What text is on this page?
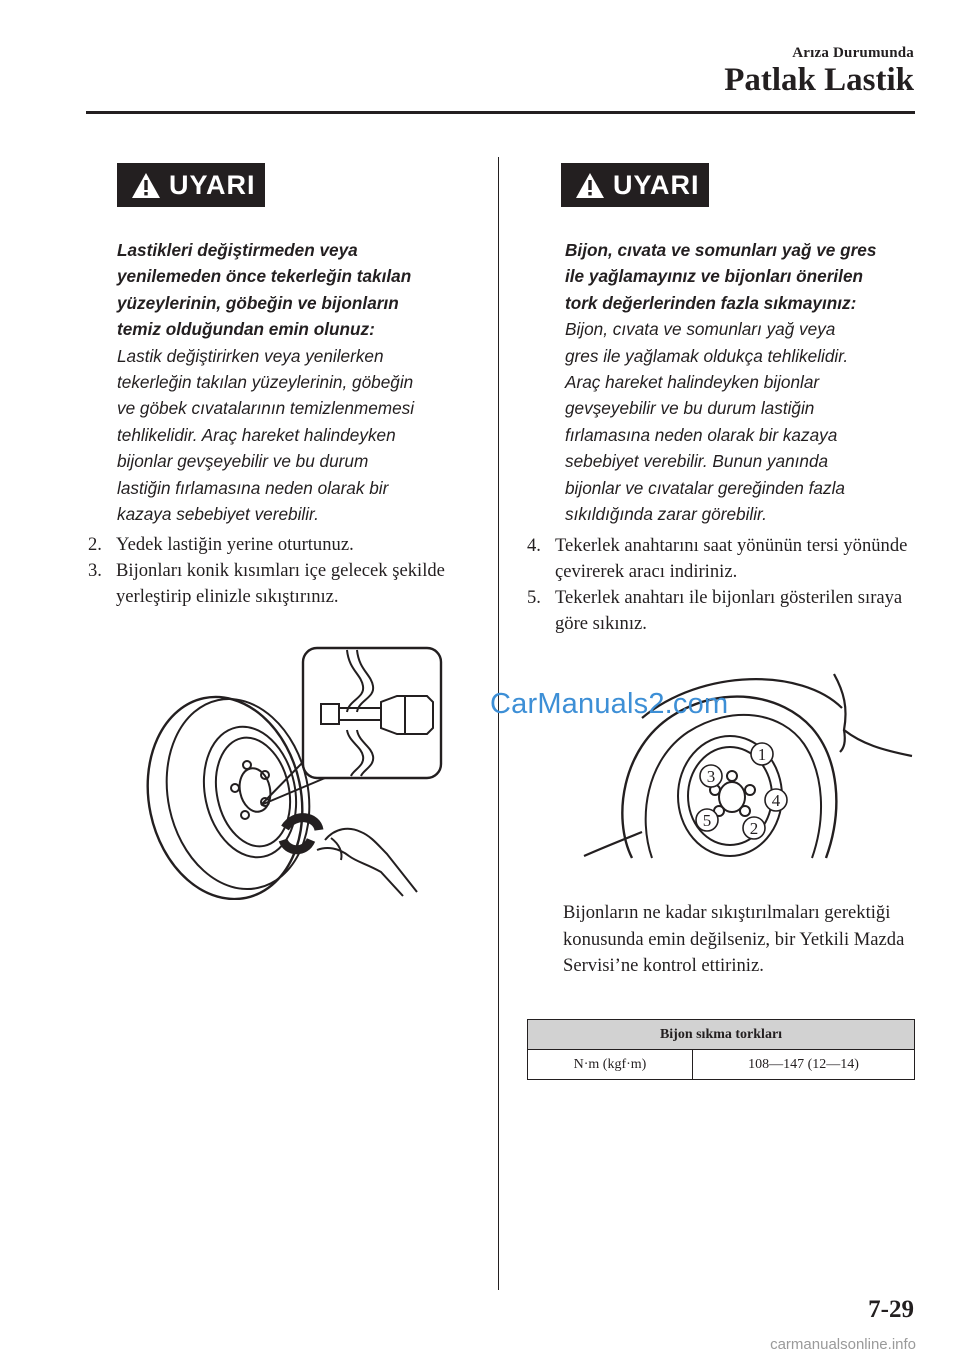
Arıza Durumunda
Patlak Lastik
UYARI
Lastikleri değiştirmeden veya
yenilemeden önce tekerleğin takılan
yüzeylerinin, göbeğin ve bijonların
temiz olduğundan emin olunuz:
Lastik değiştirirken veya yenilerken
tekerleğin takılan yüzeylerinin, göbeğin
ve göbek cıvatalarının temizlenmemesi
tehlikelidir. Araç hareket halindeyken
bijonlar gevşeyebilir ve bu durum
lastiğin fırlamasına neden olarak bir
kazaya sebebiyet verebilir.
2. Yedek lastiğin yerine oturtunuz.
3. Bijonları konik kısımları içe gelecek şekilde yerleştirip elinizle sıkıştırınız.
UYARI
Bijon, cıvata ve somunları yağ ve gres
ile yağlamayınız ve bijonları önerilen
tork değerlerinden fazla sıkmayınız:
Bijon, cıvata ve somunları yağ veya
gres ile yağlamak oldukça tehlikelidir.
Araç hareket halindeyken bijonlar
gevşeyebilir ve bu durum lastiğin
fırlamasına neden olarak bir kazaya
sebebiyet verebilir. Bunun yanında
bijonlar ve cıvatalar gereğinden fazla
sıkıldığında zarar görebilir.
4. Tekerlek anahtarını saat yönünün tersi yönünde çevirerek aracı indiriniz.
5. Tekerlek anahtarı ile bijonları gösterilen sıraya göre sıkınız.
1
2
3
4
5
Bijonların ne kadar sıkıştırılmaları gerektiği konusunda emin değilseniz, bir Yetkili Mazda Servisi’ne kontrol ettiriniz.
Bijon sıkma torkları
N·m (kgf·m)	108—147 (12—14)
CarManuals2.com
7-29
carmanualsonline.info
